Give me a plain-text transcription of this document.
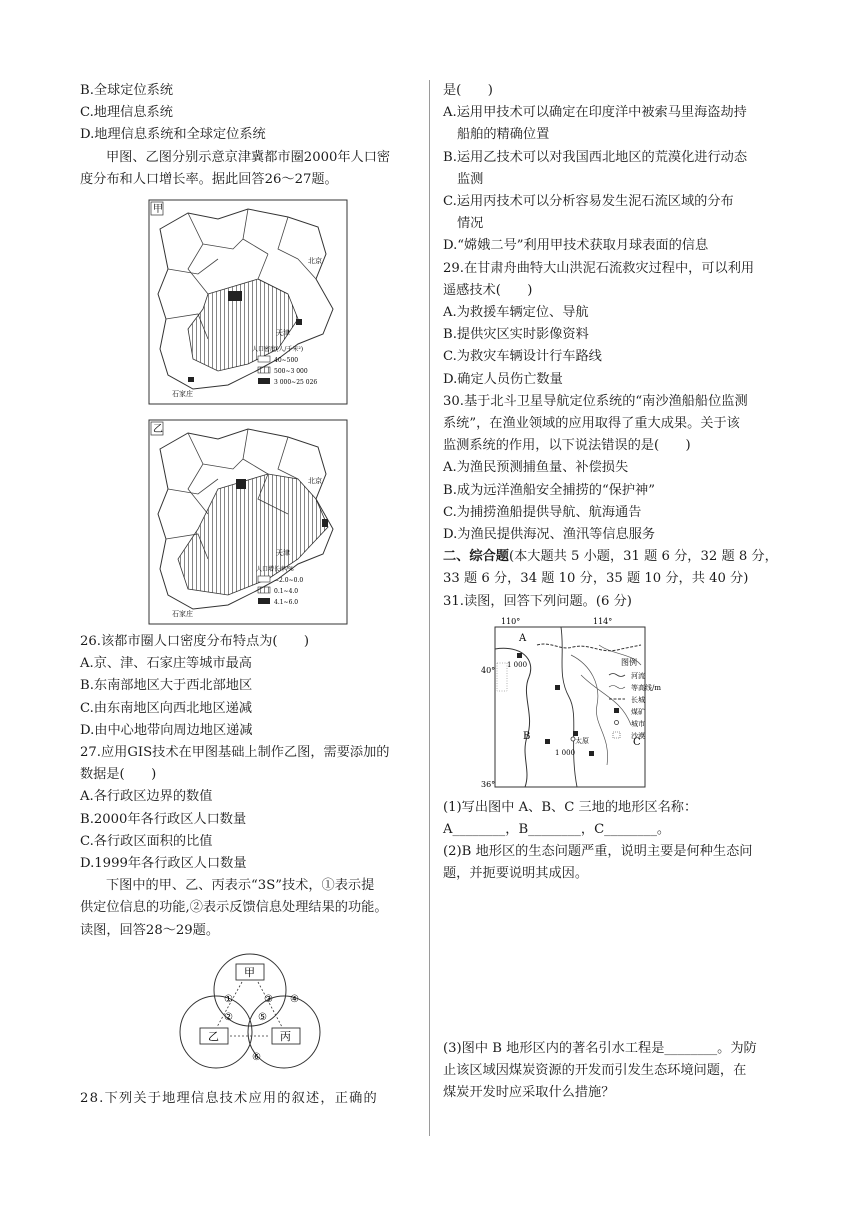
B.全球定位系统
C.地理信息系统
D.地理信息系统和全球定位系统
甲图、乙图分别示意京津冀都市圈2000年人口密
度分布和人口增长率。据此回答26～27题。
甲
北京
天津
石家庄
人口密度(人/千米²)
40~500
500~3 000
3 000~25 026
乙
北京
天津
石家庄
人口增长率/%
−2.0~0.0
0.1~4.0
4.1~6.0
26.该都市圈人口密度分布特点为(　　)
A.京、津、石家庄等城市最高
B.东南部地区大于西北部地区
C.由东南地区向西北地区递减
D.由中心地带向周边地区递减
27.应用GIS技术在甲图基础上制作乙图，需要添加的
数据是(　　)
A.各行政区边界的数值
B.2000年各行政区人口数量
C.各行政区面积的比值
D.1999年各行政区人口数量
下图中的甲、乙、丙表示“3S”技术，①表示提
供定位信息的功能,②表示反馈信息处理结果的功能。
读图，回答28～29题。
甲
乙	丙
①
②
③ ④
⑤
⑥
28.下列关于地理信息技术应用的叙述，正确的
是(　　)
A.运用甲技术可以确定在印度洋中被索马里海盗劫持
船舶的精确位置
B.运用乙技术可以对我国西北地区的荒漠化进行动态
监测
C.运用丙技术可以分析容易发生泥石流区域的分布
情况
D.“嫦娥二号”利用甲技术获取月球表面的信息
29.在甘肃舟曲特大山洪泥石流救灾过程中，可以利用
遥感技术(　　)
A.为救援车辆定位、导航
B.提供灾区实时影像资料
C.为救灾车辆设计行车路线
D.确定人员伤亡数量
30.基于北斗卫星导航定位系统的“南沙渔船船位监测
系统”，在渔业领域的应用取得了重大成果。关于该
监测系统的作用，以下说法错误的是(　　)
A.为渔民预测捕鱼量、补偿损失
B.成为远洋渔船安全捕捞的“保护神”
C.为捕捞渔船提供导航、航海通告
D.为渔民提供海况、渔汛等信息服务
二、综合题(本大题共 5 小题，31 题 6 分，32 题 8 分，
33 题 6 分，34 题 10 分，35 题 10 分，共 40 分)
31.读图，回答下列问题。(6 分)
110°	114°
40°
36°
A
B
C
1 000
1 000
太原
图例
河流
等高线/m
长城
煤矿
城市
沙漠
(1)写出图中 A、B、C 三地的地形区名称：
A________，B________，C________。
(2)B 地形区的生态问题严重，说明主要是何种生态问
题，并扼要说明其成因。
(3)图中 B 地形区内的著名引水工程是________。为防
止该区域因煤炭资源的开发而引发生态环境问题，在
煤炭开发时应采取什么措施？
